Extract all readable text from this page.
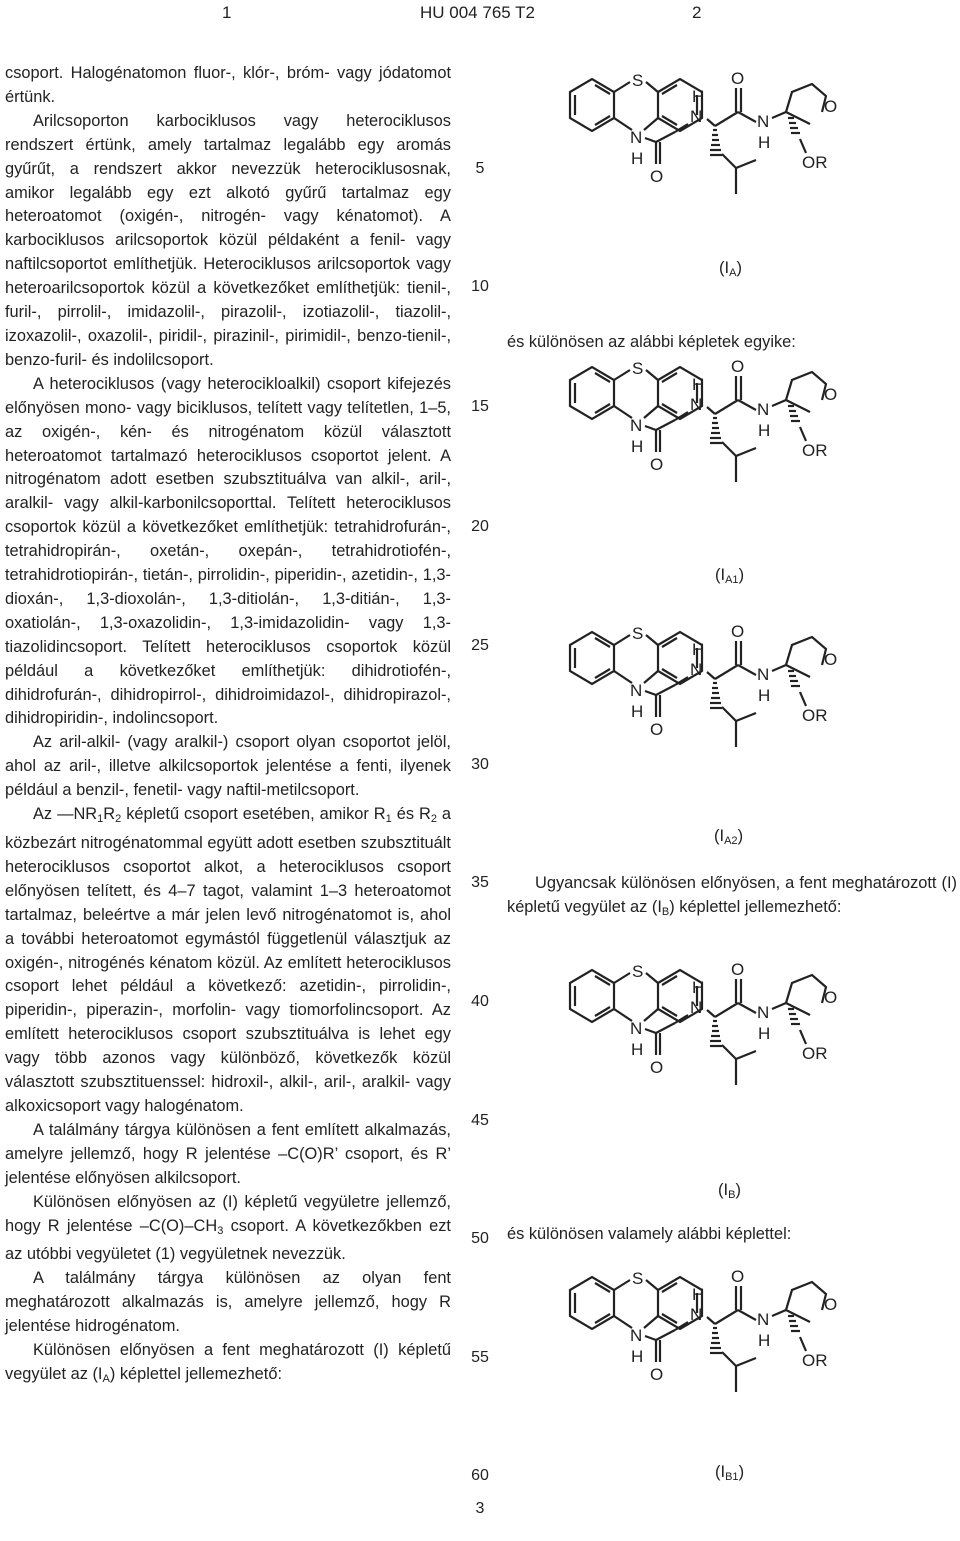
1	HU 004 765 T2	2

csoport. Halogénatomon fluor-, klór-, bróm- vagy jódatomot értünk.

Arilcsoporton karbociklusos vagy heterociklusos rendszert értünk, amely tartalmaz legalább egy aromás gyűrűt, a rendszert akkor nevezzük heterociklusosnak, amikor legalább egy ezt alkotó gyűrű tartalmaz egy heteroatomot (oxigén-, nitrogén- vagy kénatomot). A karbociklusos arilcsoportok közül példaként a fenil- vagy naftilcsoportot említhetjük. Heterociklusos arilcsoportok vagy heteroarilcsoportok közül a következőket említhetjük: tienil-, furil-, pirrolil-, imidazolil-, pirazolil-, izotiazolil-, tiazolil-, izoxazolil-, oxazolil-, piridil-, pirazinil-, pirimidil-, benzo-tienil-, benzo-furil- és indolilcsoport.

A heterociklusos (vagy heterocikloalkil) csoport kifejezés előnyösen mono- vagy biciklusos, telített vagy telítetlen, 1–5, az oxigén-, kén- és nitrogénatom közül választott heteroatomot tartalmazó heterociklusos csoportot jelent. A nitrogénatom adott esetben szubsztituálva van alkil-, aril-, aralkil- vagy alkil-karbonilcsoporttal. Telített heterociklusos csoportok közül a következőket említhetjük: tetrahidrofurán-, tetrahidropirán-, oxetán-, oxepán-, tetrahidrotiofén-, tetrahidrotiopirán-, tietán-, pirrolidin-, piperidin-, azetidin-, 1,3-dioxán-, 1,3-dioxolán-, 1,3-ditiolán-, 1,3-ditián-, 1,3-oxatiolán-, 1,3-oxazolidin-, 1,3-imidazolidin- vagy 1,3-tiazolidincsoport. Telített heterociklusos csoportok közül például a következőket említhetjük: dihidrotiofén-, dihidrofurán-, dihidropirrol-, dihidroimidazol-, dihidropirazol-, dihidropiridin-, indolincsoport.

Az aril-alkil- (vagy aralkil-) csoport olyan csoportot jelöl, ahol az aril-, illetve alkilcsoportok jelentése a fenti, ilyenek például a benzil-, fenetil- vagy naftil-metilcsoport.

Az $—NR_1R_2$ képletű csoport esetében, amikor $R_1$ és $R_2$ a közbezárt nitrogénatommal együtt adott esetben szubsztituált heterociklusos csoportot alkot, a heterociklusos csoport előnyösen telített, és 4–7 tagot, valamint 1–3 heteroatomot tartalmaz, beleértve a már jelen levő nitrogénatomot is, ahol a további heteroatomot egymástól függetlenül választjuk az oxigén-, nitrogénés kénatom közül. Az említett heterociklusos csoport lehet például a következő: azetidin-, pirrolidin-, piperidin-, piperazin-, morfolin- vagy tiomorfolincsoport. Az említett heterociklusos csoport szubsztituálva is lehet egy vagy több azonos vagy különböző, következők közül választott szubsztituenssel: hidroxil-, alkil-, aril-, aralkil- vagy alkoxicsoport vagy halogénatom.

A találmány tárgya különösen a fent említett alkalmazás, amelyre jellemző, hogy R jelentése –C(O)R’ csoport, és R’ jelentése előnyösen alkilcsoport.

Különösen előnyösen az (I) képletű vegyületre jellemző, hogy R jelentése $-C(O)-CH_3$ csoport. A következőkben ezt az utóbbi vegyületet (1) vegyületnek nevezzük.

A találmány tárgya különösen az olyan fent meghatározott alkalmazás is, amelyre jellemző, hogy R jelentése hidrogénatom.

Különösen előnyösen a fent meghatározott (I) képletű vegyület az $(I_A)$ képlettel jellemezhető:

5
10
15
20
25
30
35
40
45
50
55
60
S
N
H
O
N
H
O
N
H
O
OR
$(I_A)$
és különösen az alábbi képletek egyike:
S
N
H
O
N
H
O
N
H
O
OR
$(I_{A1})$
S
N
H
O
N
H
O
N
H
O
OR
$(I_{A2})$
Ugyancsak különösen előnyösen, a fent meghatározott (I) képletű vegyület az $(I_B)$ képlettel jellemezhető:
S
N
H
O
N
H
O
N
H
O
OR
$(I_B)$
és különösen valamely alábbi képlettel:
S
N
H
O
N
H
O
N
H
O
OR
$(I_{B1})$
3
